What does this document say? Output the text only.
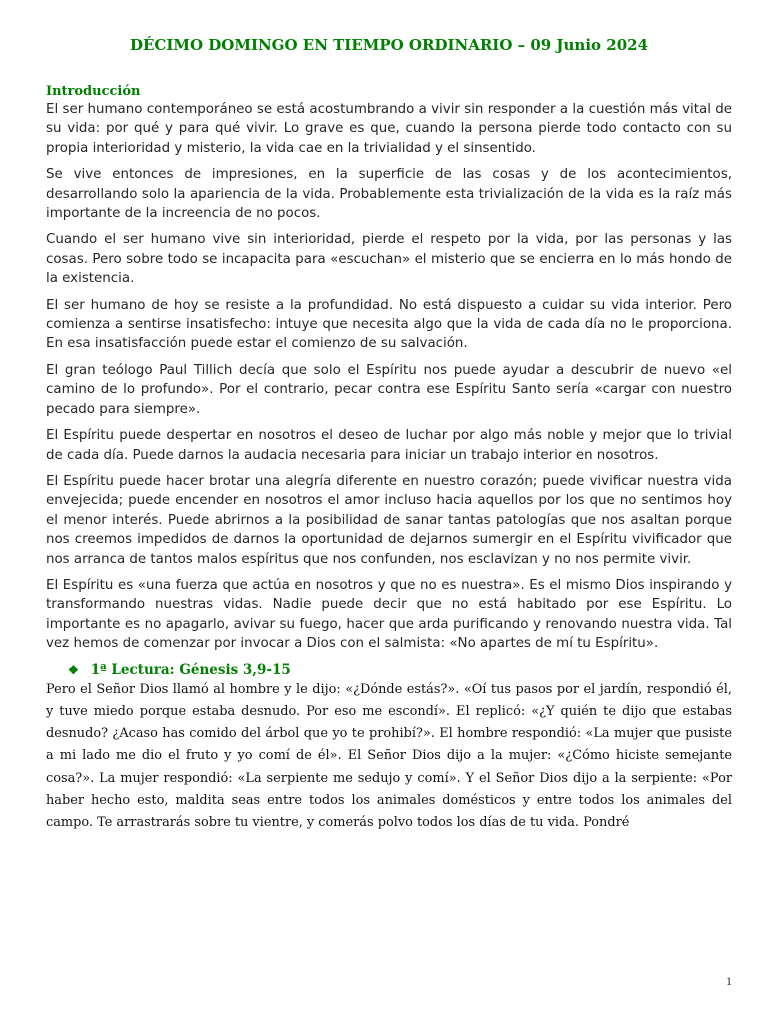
DÉCIMO DOMINGO EN TIEMPO ORDINARIO – 09 Junio 2024
Introducción

El ser humano contemporáneo se está acostumbrando a vivir sin responder a la cuestión más vital de su vida: por qué y para qué vivir. Lo grave es que, cuando la persona pierde todo contacto con su propia interioridad y misterio, la vida cae en la trivialidad y el sinsentido.

Se vive entonces de impresiones, en la superficie de las cosas y de los acontecimientos, desarrollando solo la apariencia de la vida. Probablemente esta trivialización de la vida es la raíz más importante de la increencia de no pocos.

Cuando el ser humano vive sin interioridad, pierde el respeto por la vida, por las personas y las cosas. Pero sobre todo se incapacita para «escuchan» el misterio que se encierra en lo más hondo de la existencia.

El ser humano de hoy se resiste a la profundidad. No está dispuesto a cuidar su vida interior. Pero comienza a sentirse insatisfecho: intuye que necesita algo que la vida de cada día no le proporciona. En esa insatisfacción puede estar el comienzo de su salvación.

El gran teólogo Paul Tillich decía que solo el Espíritu nos puede ayudar a descubrir de nuevo «el camino de lo profundo». Por el contrario, pecar contra ese Espíritu Santo sería «cargar con nuestro pecado para siempre».

El Espíritu puede despertar en nosotros el deseo de luchar por algo más noble y mejor que lo trivial de cada día. Puede darnos la audacia necesaria para iniciar un trabajo interior en nosotros.

El Espíritu puede hacer brotar una alegría diferente en nuestro corazón; puede vivificar nuestra vida envejecida; puede encender en nosotros el amor incluso hacia aquellos por los que no sentimos hoy el menor interés. Puede abrirnos a la posibilidad de sanar tantas patologías que nos asaltan porque nos creemos impedidos de darnos la oportunidad de dejarnos sumergir en el Espíritu vivificador que nos arranca de tantos malos espíritus que nos confunden, nos esclavizan y no nos permite vivir.

El Espíritu es «una fuerza que actúa en nosotros y que no es nuestra». Es el mismo Dios inspirando y transformando nuestras vidas. Nadie puede decir que no está habitado por ese Espíritu. Lo importante es no apagarlo, avivar su fuego, hacer que arda purificando y renovando nuestra vida. Tal vez hemos de comenzar por invocar a Dios con el salmista: «No apartes de mí tu Espíritu».

❖ 1ª Lectura: Génesis 3,9-15

Pero el Señor Dios llamó al hombre y le dijo: «¿Dónde estás?». «Oí tus pasos por el jardín, respondió él, y tuve miedo porque estaba desnudo. Por eso me escondí». El replicó: «¿Y quién te dijo que estabas desnudo? ¿Acaso has comido del árbol que yo te prohibí?». El hombre respondió: «La mujer que pusiste a mi lado me dio el fruto y yo comí de él». El Señor Dios dijo a la mujer: «¿Cómo hiciste semejante cosa?». La mujer respondió: «La serpiente me sedujo y comí». Y el Señor Dios dijo a la serpiente: «Por haber hecho esto, maldita seas entre todos los animales domésticos y entre todos los animales del campo. Te arrastrarás sobre tu vientre, y comerás polvo todos los días de tu vida. Pondré

1
